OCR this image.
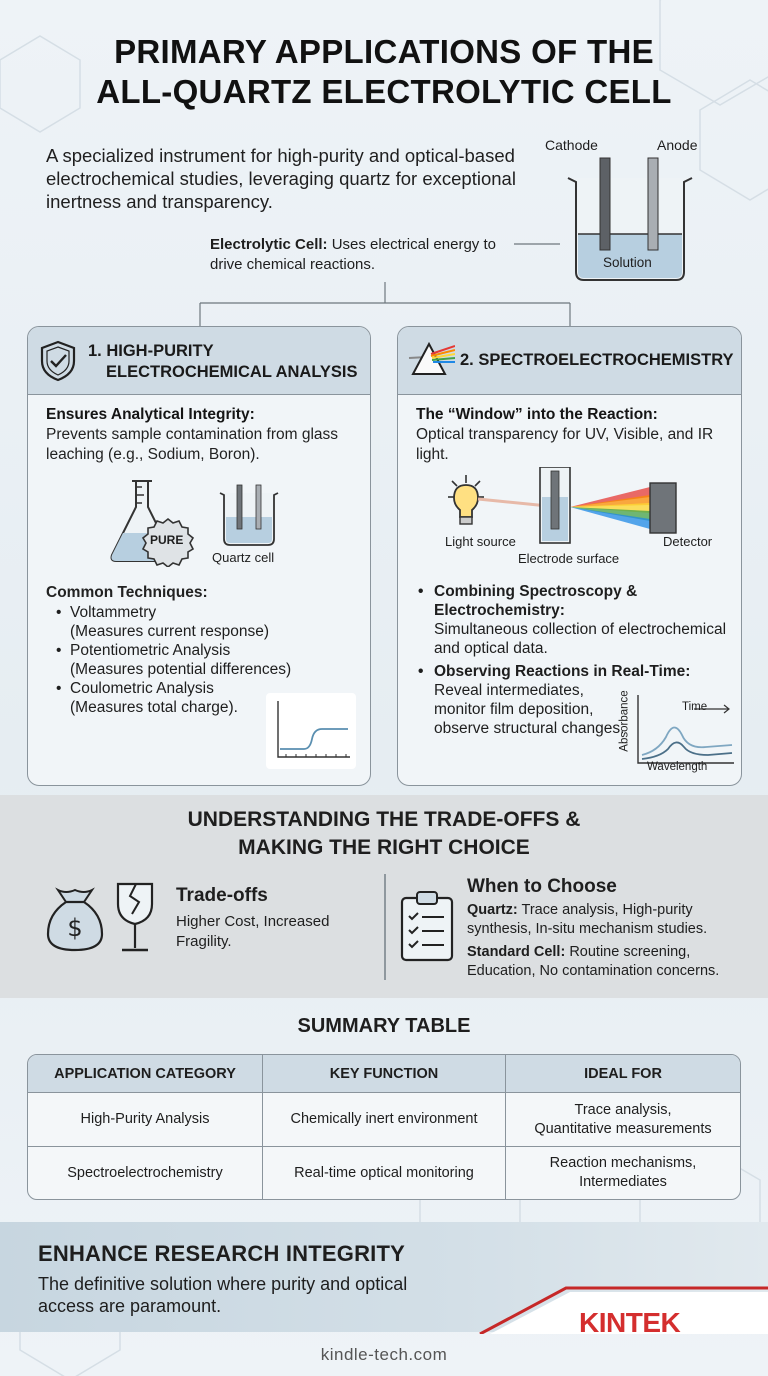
PRIMARY APPLICATIONS OF THE
ALL-QUARTZ ELECTROLYTIC CELL
A specialized instrument for high-purity and optical-based electrochemical studies, leveraging quartz for exceptional inertness and transparency.
Cathode	Anode
Solution
Electrolytic Cell: Uses electrical energy to drive chemical reactions.
1. HIGH-PURITY
ELECTROCHEMICAL ANALYSIS
Ensures Analytical Integrity:
Prevents sample contamination from glass leaching (e.g., Sodium, Boron).
PURE
Quartz cell
Common Techniques:
• Voltammetry
(Measures current response)
• Potentiometric Analysis
(Measures potential differences)
• Coulometric Analysis
(Measures total charge).
2. SPECTROELECTROCHEMISTRY
The “Window” into the Reaction:
Optical transparency for UV, Visible, and IR light.
Light source
Electrode surface
Detector
• Combining Spectroscopy & Electrochemistry:
Simultaneous collection of electrochemical and optical data.
• Observing Reactions in Real-Time:
Reveal intermediates, monitor film deposition, observe structural changes.
Time
Wavelength
Absorbance
UNDERSTANDING THE TRADE-OFFS &
MAKING THE RIGHT CHOICE
$
Trade-offs
Higher Cost, Increased Fragility.
When to Choose
Quartz: Trace analysis, High-purity synthesis, In-situ mechanism studies.
Standard Cell: Routine screening, Education, No contamination concerns.
SUMMARY TABLE
APPLICATION CATEGORY	KEY FUNCTION	IDEAL FOR
High-Purity Analysis	Chemically inert environment	Trace analysis,
Quantitative measurements

Spectroelectrochemistry	Real-time optical monitoring	Reaction mechanisms,
Intermediates
ENHANCE RESEARCH INTEGRITY
The definitive solution where purity and optical access are paramount.
KINTEK
kindle-tech.com
